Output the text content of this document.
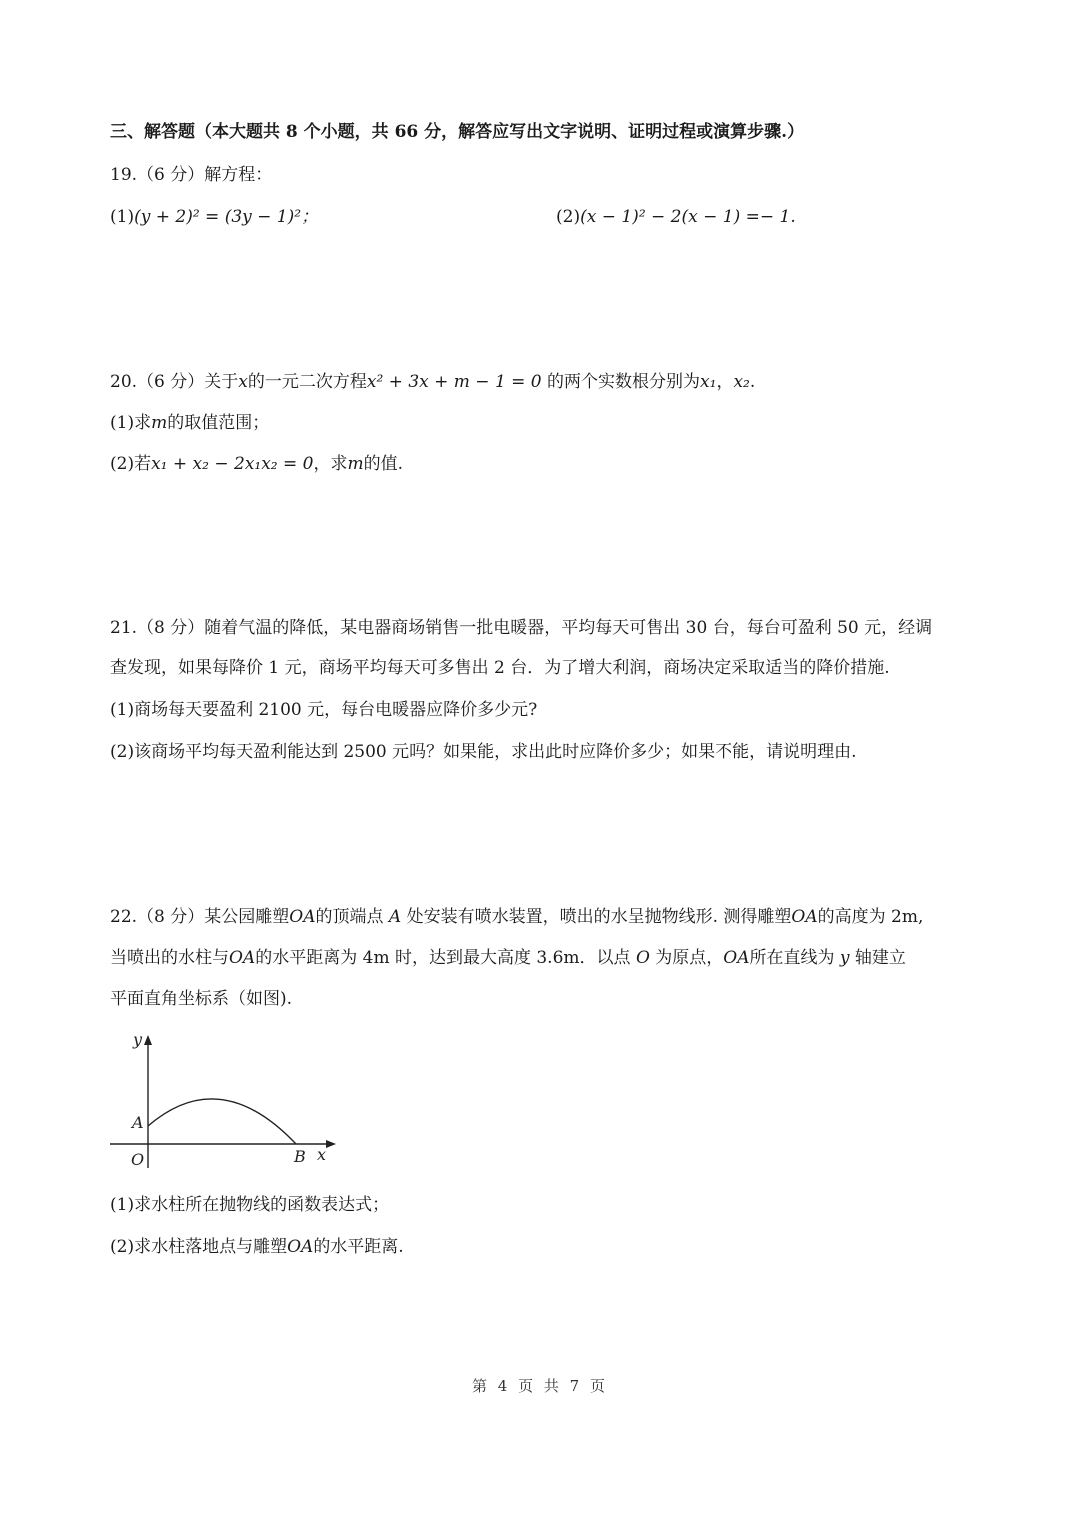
三、解答题（本大题共 8 个小题，共 66 分，解答应写出文字说明、证明过程或演算步骤.）
19.（6 分）解方程：
(1)(y + 2)² = (3y − 1)²；	(2)(x − 1)² − 2(x − 1) =− 1.
20.（6 分）关于x的一元二次方程x² + 3x + m − 1 = 0 的两个实数根分别为x₁，x₂.
(1)求m的取值范围；
(2)若x₁ + x₂ − 2x₁x₂ = 0，求m的值.
21.（8 分）随着气温的降低，某电器商场销售一批电暖器，平均每天可售出 30 台，每台可盈利 50 元，经调
查发现，如果每降价 1 元，商场平均每天可多售出 2 台．为了增大利润，商场决定采取适当的降价措施.
(1)商场每天要盈利 2100 元，每台电暖器应降价多少元?
(2)该商场平均每天盈利能达到 2500 元吗？如果能，求出此时应降价多少；如果不能，请说明理由.
22.（8 分）某公园雕塑OA的顶端点 A 处安装有喷水装置，喷出的水呈抛物线形. 测得雕塑OA的高度为 2m,
当喷出的水柱与OA的水平距离为 4m 时，达到最大高度 3.6m．以点 O 为原点，OA所在直线为 y 轴建立
平面直角坐标系（如图).
y
A
O	B x
(1)求水柱所在抛物线的函数表达式；
(2)求水柱落地点与雕塑OA的水平距离.
第 4 页 共 7 页
